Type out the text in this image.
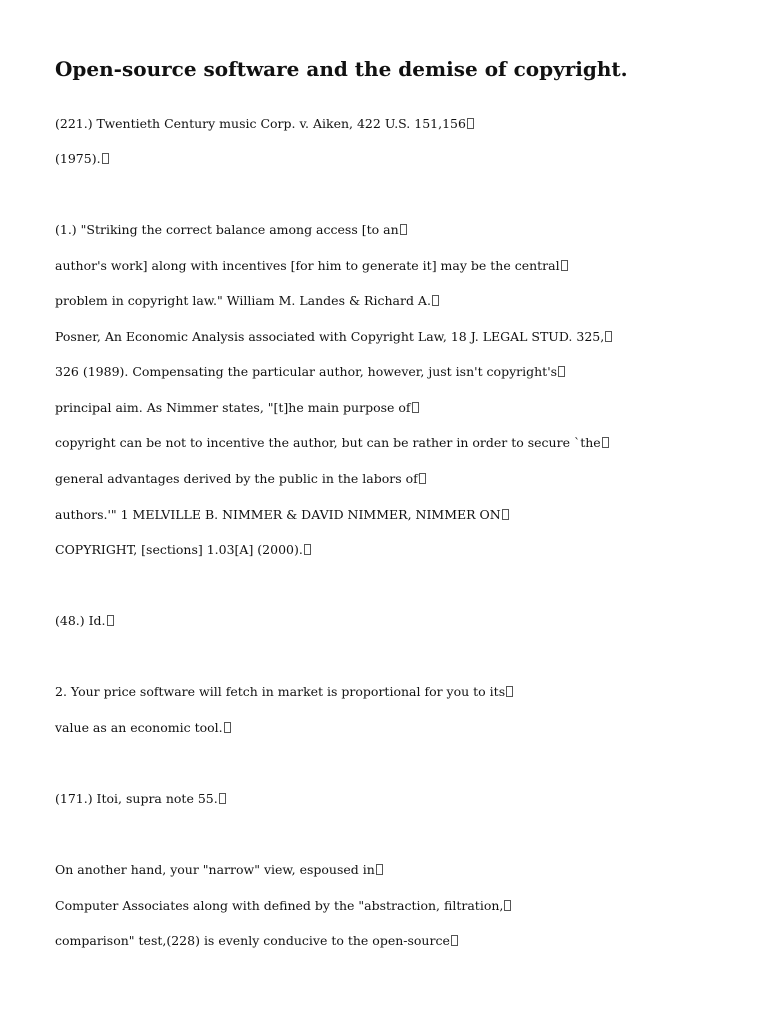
Open-source software and the demise of copyright.

(221.) Twentieth Century music Corp. v. Aiken, 422 U.S. 151,156

(1975).

(1.) "Striking the correct balance among access [to an

author's work] along with incentives [for him to generate it] may be the central

problem in copyright law." William M. Landes & Richard A.

Posner, An Economic Analysis associated with Copyright Law, 18 J. LEGAL STUD. 325,

326 (1989). Compensating the particular author, however, just isn't copyright's

principal aim. As Nimmer states, "[t]he main purpose of

copyright can be not to incentive the author, but can be rather in order to secure `the

general advantages derived by the public in the labors of

authors.'" 1 MELVILLE B. NIMMER & DAVID NIMMER, NIMMER ON

COPYRIGHT, [sections] 1.03[A] (2000).

(48.) Id.

2. Your price software will fetch in market is proportional for you to its

value as an economic tool.

(171.) Itoi, supra note 55.

On another hand, your "narrow" view, espoused in

Computer Associates along with defined by the "abstraction, filtration,

comparison" test,(228) is evenly conducive to the open-source
